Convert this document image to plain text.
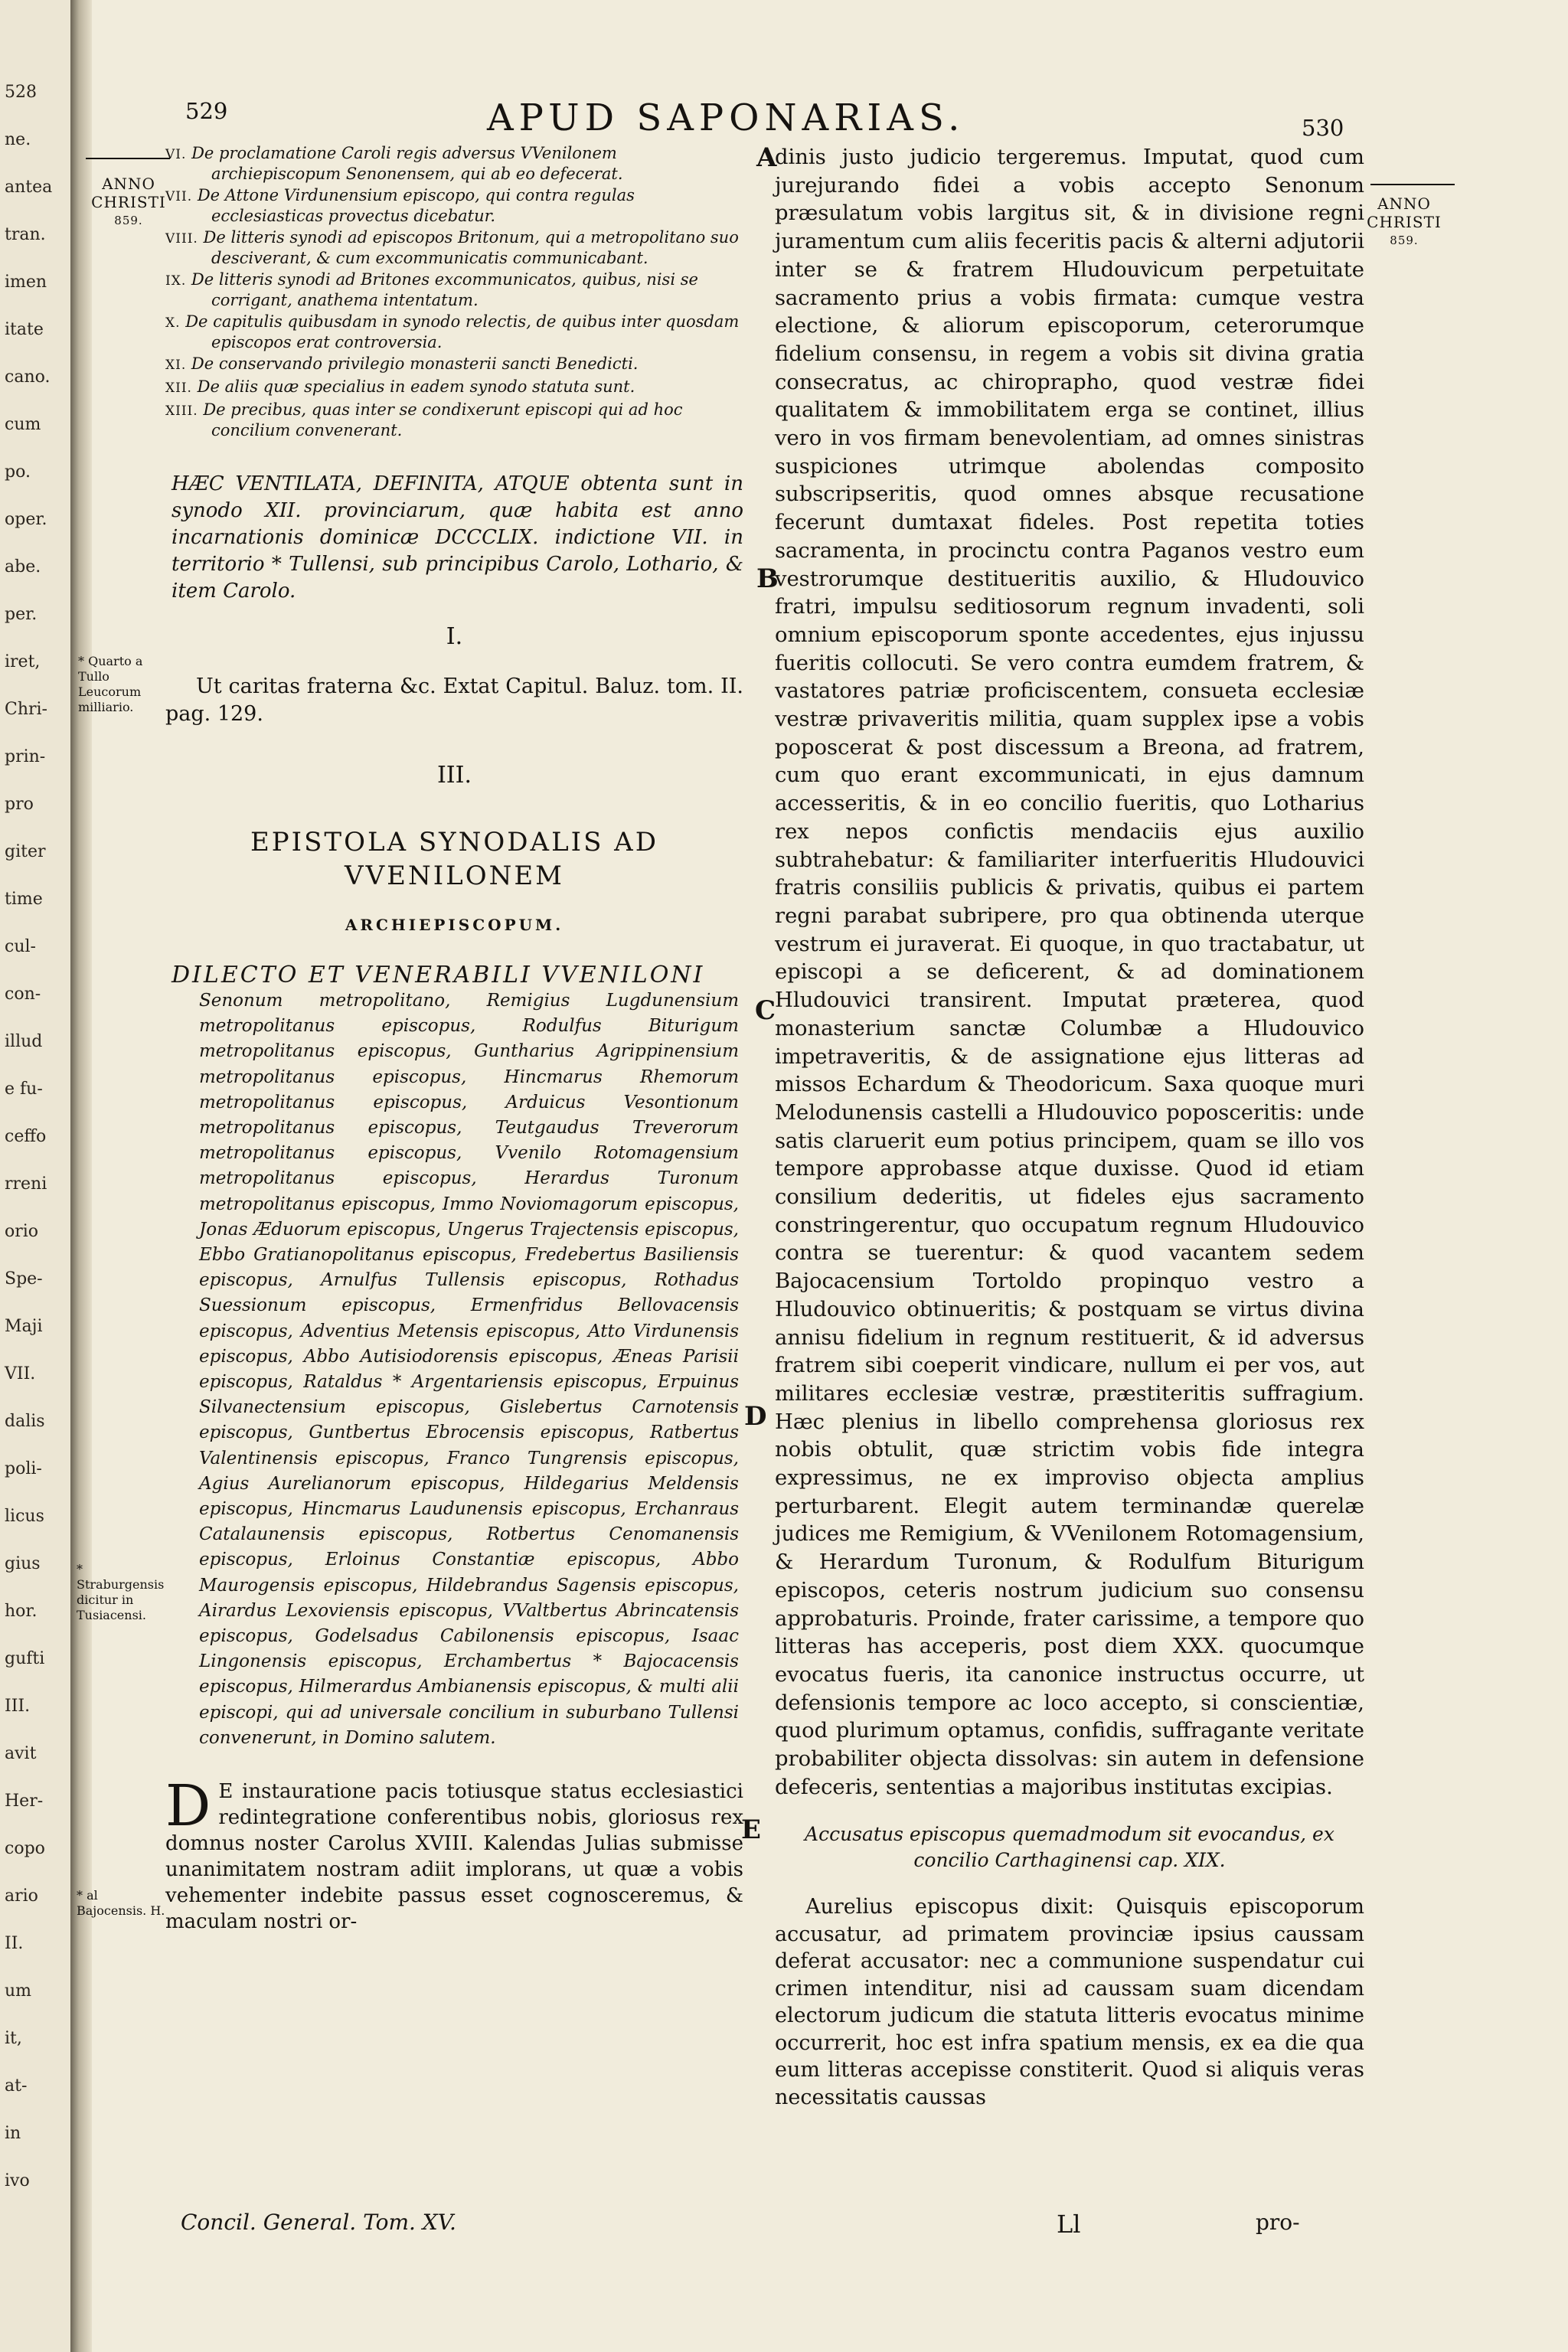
528
ne.
antea
tran.
imen
itate
cano.
cum
po.
oper.
abe.
per.
iret,
Chri-
prin-
pro
giter
time
cul-
con-
illud
e fu-
ceffo
rreni
orio
Spe-
Maji
VII.
dalis
poli-
licus
gius
hor.
gufti
III.
avit
Her-
copo
ario
II.
um
it,
at-
in
ivo
529	APUD SAPONARIAS.	530
ANNO CHRISTI
859.
ANNO CHRISTI
859.
* Quarto a Tullo Leucorum milliario.
* Straburgensis dicitur in Tusiacensi.
* al Bajocensis. H.
A
B
C
D
E
VI. De proclamatione Caroli regis adversus VVenilonem archiepiscopum Senonensem, qui ab eo defecerat.
VII. De Attone Virdunensium episcopo, qui contra regulas ecclesiasticas provectus dicebatur.
VIII. De litteris synodi ad episcopos Britonum, qui a metropolitano suo desciverant, & cum excommunicatis communicabant.
IX. De litteris synodi ad Britones excommunicatos, quibus, nisi se corrigant, anathema intentatum.
X. De capitulis quibusdam in synodo relectis, de quibus inter quosdam episcopos erat controversia.
XI. De conservando privilegio monasterii sancti Benedicti.
XII. De aliis quæ specialius in eadem synodo statuta sunt.
XIII. De precibus, quas inter se condixerunt episcopi qui ad hoc concilium convenerant.
HÆC VENTILATA, DEFINITA, ATQUE obtenta sunt in synodo XII. provinciarum, quæ habita est anno incarnationis dominicæ DCCCLIX. indictione VII. in territorio * Tullensi, sub principibus Carolo, Lothario, & item Carolo.
I.
Ut caritas fraterna &c. Extat Capitul. Baluz. tom. II. pag. 129.
III.
EPISTOLA SYNODALIS AD VVENILONEM
ARCHIEPISCOPUM.
DILECTO ET VENERABILI VVENILONI
Senonum metropolitano, Remigius Lugdunensium metropolitanus episcopus, Rodulfus Biturigum metropolitanus episcopus, Guntharius Agrippinensium metropolitanus episcopus, Hincmarus Rhemorum metropolitanus episcopus, Arduicus Vesontionum metropolitanus episcopus, Teutgaudus Treverorum metropolitanus episcopus, Vvenilo Rotomagensium metropolitanus episcopus, Herardus Turonum metropolitanus episcopus, Immo Noviomagorum episcopus, Jonas Æduorum episcopus, Ungerus Trajectensis episcopus, Ebbo Gratianopolitanus episcopus, Fredebertus Basiliensis episcopus, Arnulfus Tullensis episcopus, Rothadus Suessionum episcopus, Ermenfridus Bellovacensis episcopus, Adventius Metensis episcopus, Atto Virdunensis episcopus, Abbo Autisiodorensis episcopus, Æneas Parisii episcopus, Rataldus * Argentariensis episcopus, Erpuinus Silvanectensium episcopus, Gislebertus Carnotensis episcopus, Guntbertus Ebrocensis episcopus, Ratbertus Valentinensis episcopus, Franco Tungrensis episcopus, Agius Aurelianorum episcopus, Hildegarius Meldensis episcopus, Hincmarus Laudunensis episcopus, Erchanraus Catalaunensis episcopus, Rotbertus Cenomanensis episcopus, Erloinus Constantiæ episcopus, Abbo Maurogensis episcopus, Hildebrandus Sagensis episcopus, Airardus Lexoviensis episcopus, VValtbertus Abrincatensis episcopus, Godelsadus Cabilonensis episcopus, Isaac Lingonensis episcopus, Erchambertus * Bajocacensis episcopus, Hilmerardus Ambianensis episcopus, & multi alii episcopi, qui ad universale concilium in suburbano Tullensi convenerunt, in Domino salutem.
D E instauratione pacis totiusque status ecclesiastici redintegratione conferentibus nobis, gloriosus rex domnus noster Carolus XVIII. Kalendas Julias submisse unanimitatem nostram adiit implorans, ut quæ a vobis vehementer indebite passus esset cognosceremus, & maculam nostri or-
dinis justo judicio tergeremus. Imputat, quod cum jurejurando fidei a vobis accepto Senonum præsulatum vobis largitus sit, & in divisione regni juramentum cum aliis feceritis pacis & alterni adjutorii inter se & fratrem Hludouvicum perpetuitate sacramento prius a vobis firmata: cumque vestra electione, & aliorum episcoporum, ceterorumque fidelium consensu, in regem a vobis sit divina gratia consecratus, ac chiroprapho, quod vestræ fidei qualitatem & immobilitatem erga se continet, illius vero in vos firmam benevolentiam, ad omnes sinistras suspiciones utrimque abolendas composito subscripseritis, quod omnes absque recusatione fecerunt dumtaxat fideles. Post repetita toties sacramenta, in procinctu contra Paganos vestro eum vestrorumque destitueritis auxilio, & Hludouvico fratri, impulsu seditiosorum regnum invadenti, soli omnium episcoporum sponte accedentes, ejus injussu fueritis collocuti. Se vero contra eumdem fratrem, & vastatores patriæ proficiscentem, consueta ecclesiæ vestræ privaveritis militia, quam supplex ipse a vobis poposcerat & post discessum a Breona, ad fratrem, cum quo erant excommunicati, in ejus damnum accesseritis, & in eo concilio fueritis, quo Lotharius rex nepos confictis mendaciis ejus auxilio subtrahebatur: & familiariter interfueritis Hludouvici fratris consiliis publicis & privatis, quibus ei partem regni parabat subripere, pro qua obtinenda uterque vestrum ei juraverat. Ei quoque, in quo tractabatur, ut episcopi a se deficerent, & ad dominationem Hludouvici transirent. Imputat præterea, quod monasterium sanctæ Columbæ a Hludouvico impetraveritis, & de assignatione ejus litteras ad missos Echardum & Theodoricum. Saxa quoque muri Melodunensis castelli a Hludouvico poposceritis: unde satis claruerit eum potius principem, quam se illo vos tempore approbasse atque duxisse. Quod id etiam consilium dederitis, ut fideles ejus sacramento constringerentur, quo occupatum regnum Hludouvico contra se tuerentur: & quod vacantem sedem Bajocacensium Tortoldo propinquo vestro a Hludouvico obtinueritis; & postquam se virtus divina annisu fidelium in regnum restituerit, & id adversus fratrem sibi coeperit vindicare, nullum ei per vos, aut militares ecclesiæ vestræ, præstiteritis suffragium. Hæc plenius in libello comprehensa gloriosus rex nobis obtulit, quæ strictim vobis fide integra expressimus, ne ex improviso objecta amplius perturbarent. Elegit autem terminandæ querelæ judices me Remigium, & VVenilonem Rotomagensium, & Herardum Turonum, & Rodulfum Biturigum episcopos, ceteris nostrum judicium suo consensu approbaturis. Proinde, frater carissime, a tempore quo litteras has acceperis, post diem XXX. quocumque evocatus fueris, ita canonice instructus occurre, ut defensionis tempore ac loco accepto, si conscientiæ, quod plurimum optamus, confidis, suffragante veritate probabiliter objecta dissolvas: sin autem in defensione defeceris, sententias a majoribus institutas excipias.
Accusatus episcopus quemadmodum sit evocandus, ex concilio Carthaginensi cap. XIX.
Aurelius episcopus dixit: Quisquis episcoporum accusatur, ad primatem provinciæ ipsius caussam deferat accusator: nec a communione suspendatur cui crimen intenditur, nisi ad caussam suam dicendam electorum judicum die statuta litteris evocatus minime occurrerit, hoc est infra spatium mensis, ex ea die qua eum litteras accepisse constiterit. Quod si aliquis veras necessitatis caussas
Concil. General. Tom. XV.	Ll	pro-
